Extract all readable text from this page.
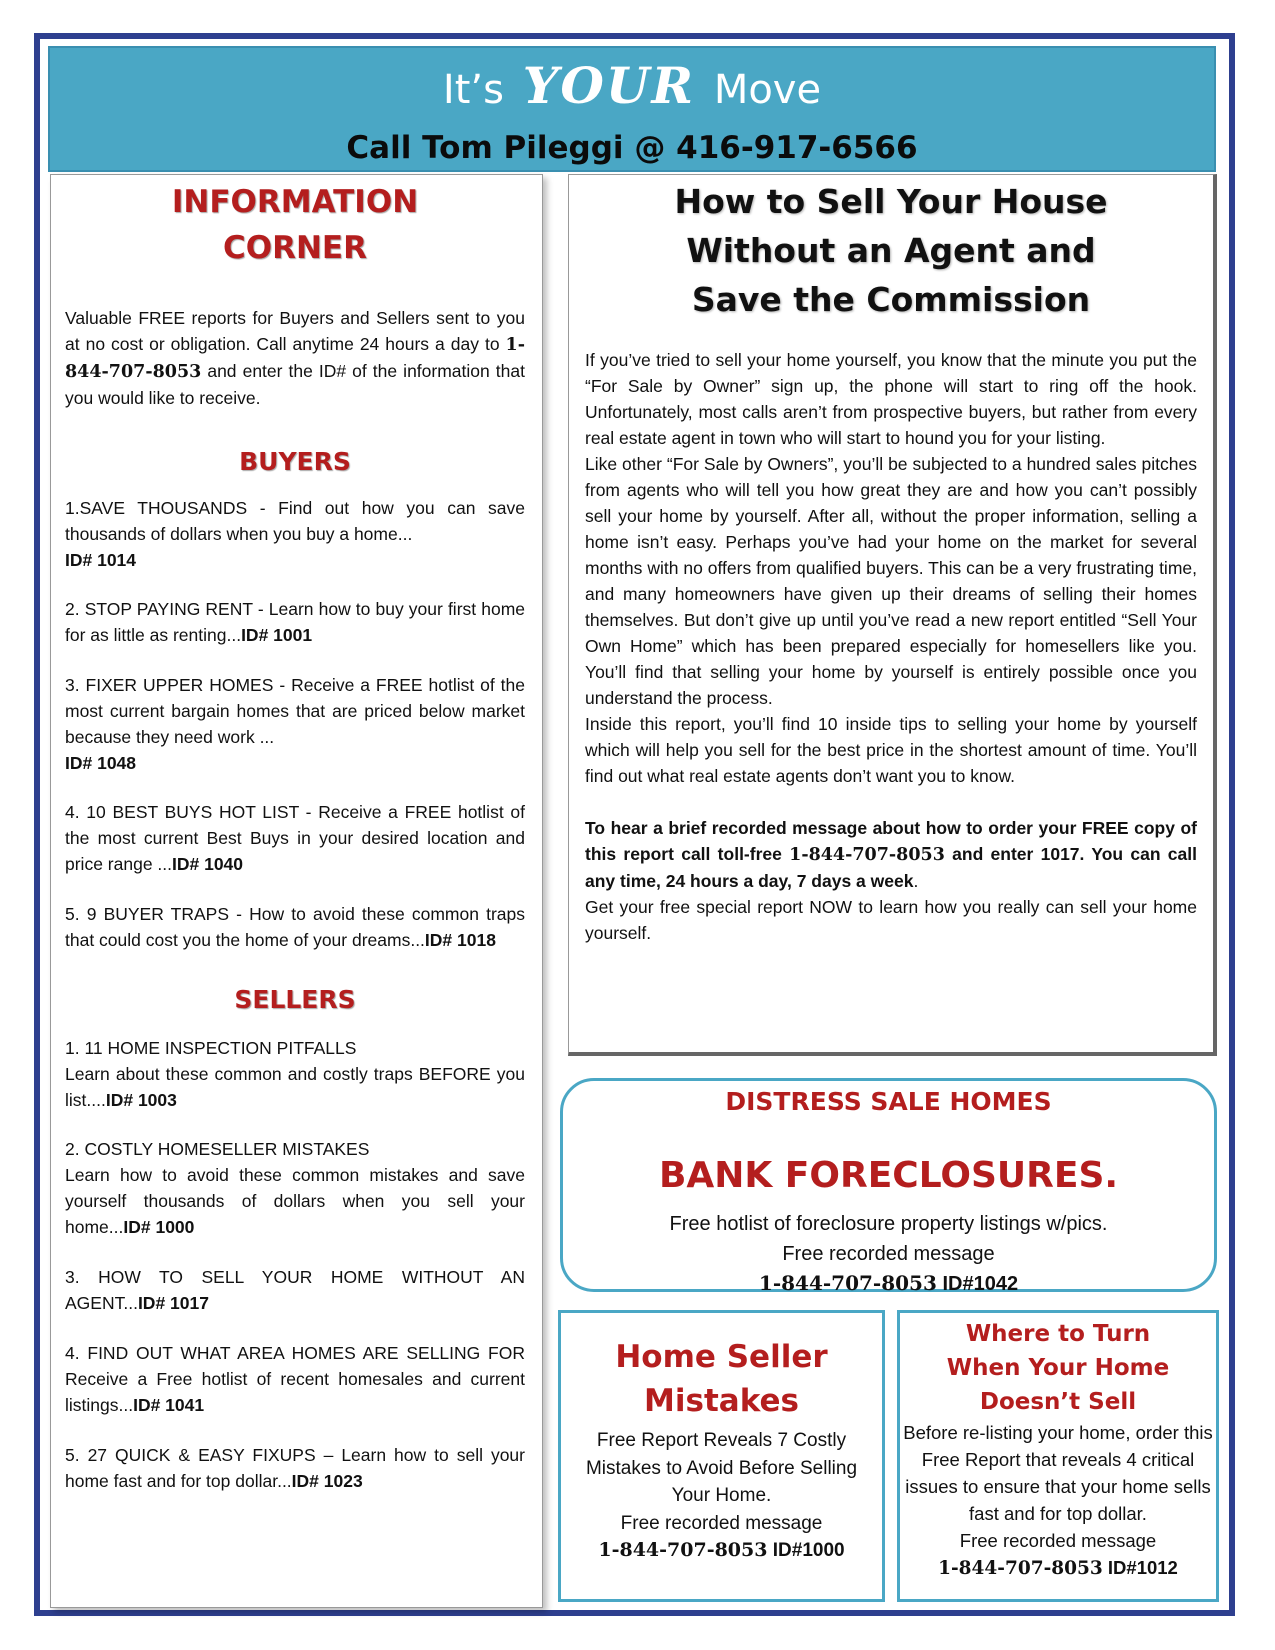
It’s YOUR Move
Call Tom Pileggi @ 416-917-6566
INFORMATION
CORNER

Valuable FREE reports for Buyers and Sellers sent to you at no cost or obligation. Call anytime 24 hours a day to 1-844-707-8053 and enter the ID# of the information that you would like to receive.

BUYERS

1.SAVE THOUSANDS - Find out how you can save thousands of dollars when you buy a home...
ID# 1014

2. STOP PAYING RENT - Learn how to buy your first home for as little as renting...ID# 1001

3. FIXER UPPER HOMES - Receive a FREE hotlist of the most current bargain homes that are priced below market because they need work ...
ID# 1048

4. 10 BEST BUYS HOT LIST - Receive a FREE hotlist of the most current Best Buys in your desired location and price range ...ID# 1040

5. 9 BUYER TRAPS - How to avoid these common traps that could cost you the home of your dreams...ID# 1018

SELLERS

1. 11 HOME INSPECTION PITFALLS
Learn about these common and costly traps BEFORE you list....ID# 1003

2. COSTLY HOMESELLER MISTAKES
Learn how to avoid these common mistakes and save yourself thousands of dollars when you sell your home...ID# 1000

3. HOW TO SELL YOUR HOME WITHOUT AN AGENT...ID# 1017

4. FIND OUT WHAT AREA HOMES ARE SELLING FOR Receive a Free hotlist of recent homesales and current listings...ID# 1041

5. 27 QUICK & EASY FIXUPS – Learn how to sell your home fast and for top dollar...ID# 1023

How to Sell Your House
Without an Agent and
Save the Commission

If you’ve tried to sell your home yourself, you know that the minute you put the “For Sale by Owner” sign up, the phone will start to ring off the hook. Unfortunately, most calls aren’t from prospective buyers, but rather from every real estate agent in town who will start to hound you for your listing.

Like other “For Sale by Owners”, you’ll be subjected to a hundred sales pitches from agents who will tell you how great they are and how you can’t possibly sell your home by yourself. After all, without the proper information, selling a home isn’t easy. Perhaps you’ve had your home on the market for several months with no offers from qualified buyers. This can be a very frustrating time, and many homeowners have given up their dreams of selling their homes themselves. But don’t give up until you’ve read a new report entitled “Sell Your Own Home” which has been prepared especially for homesellers like you. You’ll find that selling your home by yourself is entirely possible once you understand the process.

Inside this report, you’ll find 10 inside tips to selling your home by yourself which will help you sell for the best price in the shortest amount of time. You’ll find out what real estate agents don’t want you to know.

To hear a brief recorded message about how to order your FREE copy of this report call toll-free 1-844-707-8053 and enter 1017. You can call any time, 24 hours a day, 7 days a week.

Get your free special report NOW to learn how you really can sell your home yourself.

DISTRESS SALE HOMES
BANK FORECLOSURES.
Free hotlist of foreclosure property listings w/pics.
Free recorded message
1-844-707-8053 ID#1042
Home Seller
Mistakes
Free Report Reveals 7 Costly Mistakes to Avoid Before Selling Your Home.
Free recorded message
1-844-707-8053 ID#1000
Where to Turn
When Your Home
Doesn’t Sell
Before re-listing your home, order this Free Report that reveals 4 critical issues to ensure that your home sells fast and for top dollar.
Free recorded message
1-844-707-8053 ID#1012
